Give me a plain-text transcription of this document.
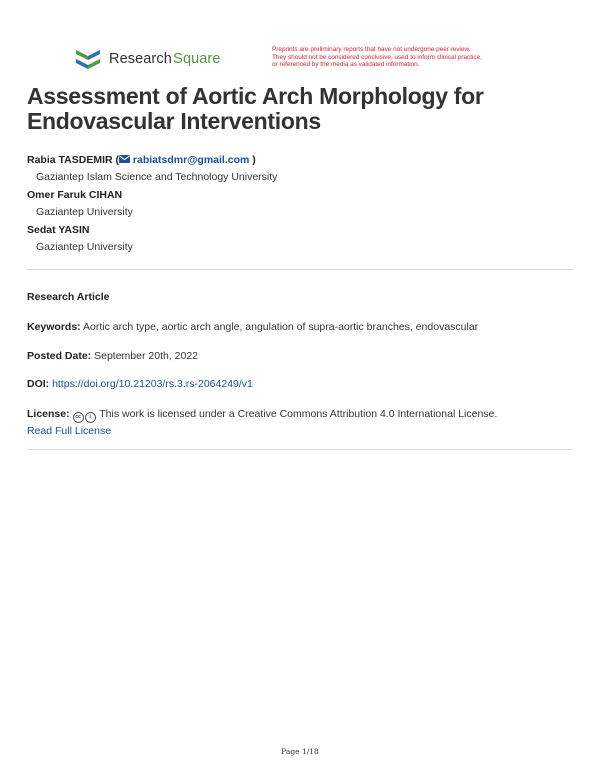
Research Square
Preprints are preliminary reports that have not undergone peer review.
They should not be considered conclusive, used to inform clinical practice,
or referenced by the media as validated information.
Assessment of Aortic Arch Morphology for Endovascular Interventions
Rabia TASDEMIR ( rabiatsdmr@gmail.com )
Gaziantep Islam Science and Technology University
Omer Faruk CIHAN
Gaziantep University
Sedat YASIN
Gaziantep University
Research Article
Keywords: Aortic arch type, aortic arch angle, angulation of supra-aortic branches, endovascular
Posted Date: September 20th, 2022
DOI: https://doi.org/10.21203/rs.3.rs-2064249/v1
License: cc i This work is licensed under a Creative Commons Attribution 4.0 International License.
Read Full License
Page 1/18
